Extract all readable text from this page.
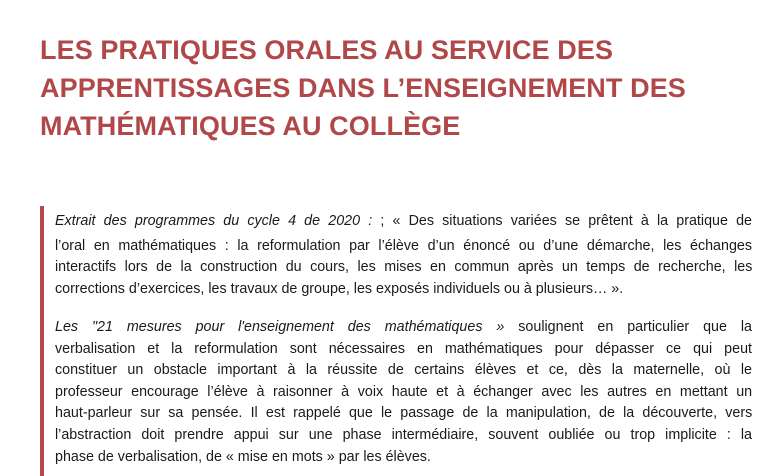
LES PRATIQUES ORALES AU SERVICE DES
APPRENTISSAGES DANS L’ENSEIGNEMENT DES
MATHÉMATIQUES AU COLLÈGE
Extrait des programmes du cycle 4 de 2020 : ; « Des situations variées se prêtent à la pratique de
l’oral en mathématiques : la reformulation par l’élève d’un énoncé ou d’une démarche, les échanges
interactifs lors de la construction du cours, les mises en commun après un temps de recherche, les
corrections d’exercices, les travaux de groupe, les exposés individuels ou à plusieurs… ».
Les "21 mesures pour l'enseignement des mathématiques » soulignent en particulier que la
verbalisation et la reformulation sont nécessaires en mathématiques pour dépasser ce qui peut
constituer un obstacle important à la réussite de certains élèves et ce, dès la maternelle, où le
professeur encourage l’élève à raisonner à voix haute et à échanger avec les autres en mettant un
haut-parleur sur sa pensée. Il est rappelé que le passage de la manipulation, de la découverte, vers
l’abstraction doit prendre appui sur une phase intermédiaire, souvent oubliée ou trop implicite : la
phase de verbalisation, de « mise en mots » par les élèves.
